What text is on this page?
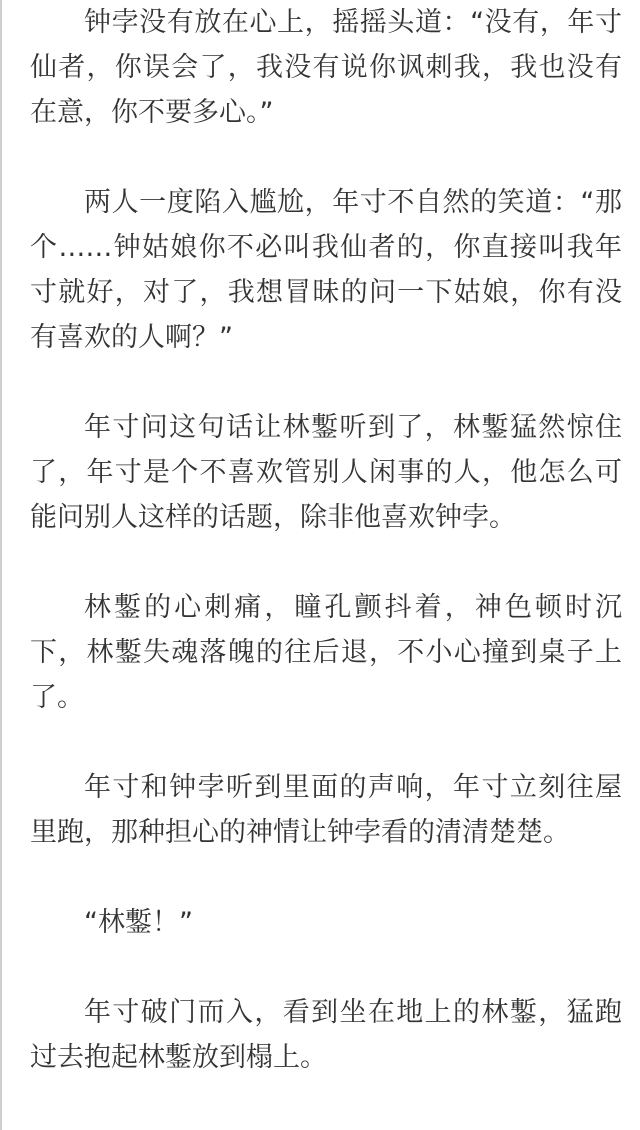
钟孛没有放在心上，摇摇头道：“没有，年寸仙者，你误会了，我没有说你讽刺我，我也没有在意，你不要多心。”

两人一度陷入尴尬，年寸不自然的笑道：“那个……钟姑娘你不必叫我仙者的，你直接叫我年寸就好，对了，我想冒昧的问一下姑娘，你有没有喜欢的人啊？”

年寸问这句话让林鏨听到了，林鏨猛然惊住了，年寸是个不喜欢管别人闲事的人，他怎么可能问别人这样的话题，除非他喜欢钟孛。

林鏨的心刺痛，瞳孔颤抖着，神色顿时沉下，林鏨失魂落魄的往后退，不小心撞到桌子上了。

年寸和钟孛听到里面的声响，年寸立刻往屋里跑，那种担心的神情让钟孛看的清清楚楚。

“林鏨！”

年寸破门而入，看到坐在地上的林鏨，猛跑过去抱起林鏨放到榻上。
